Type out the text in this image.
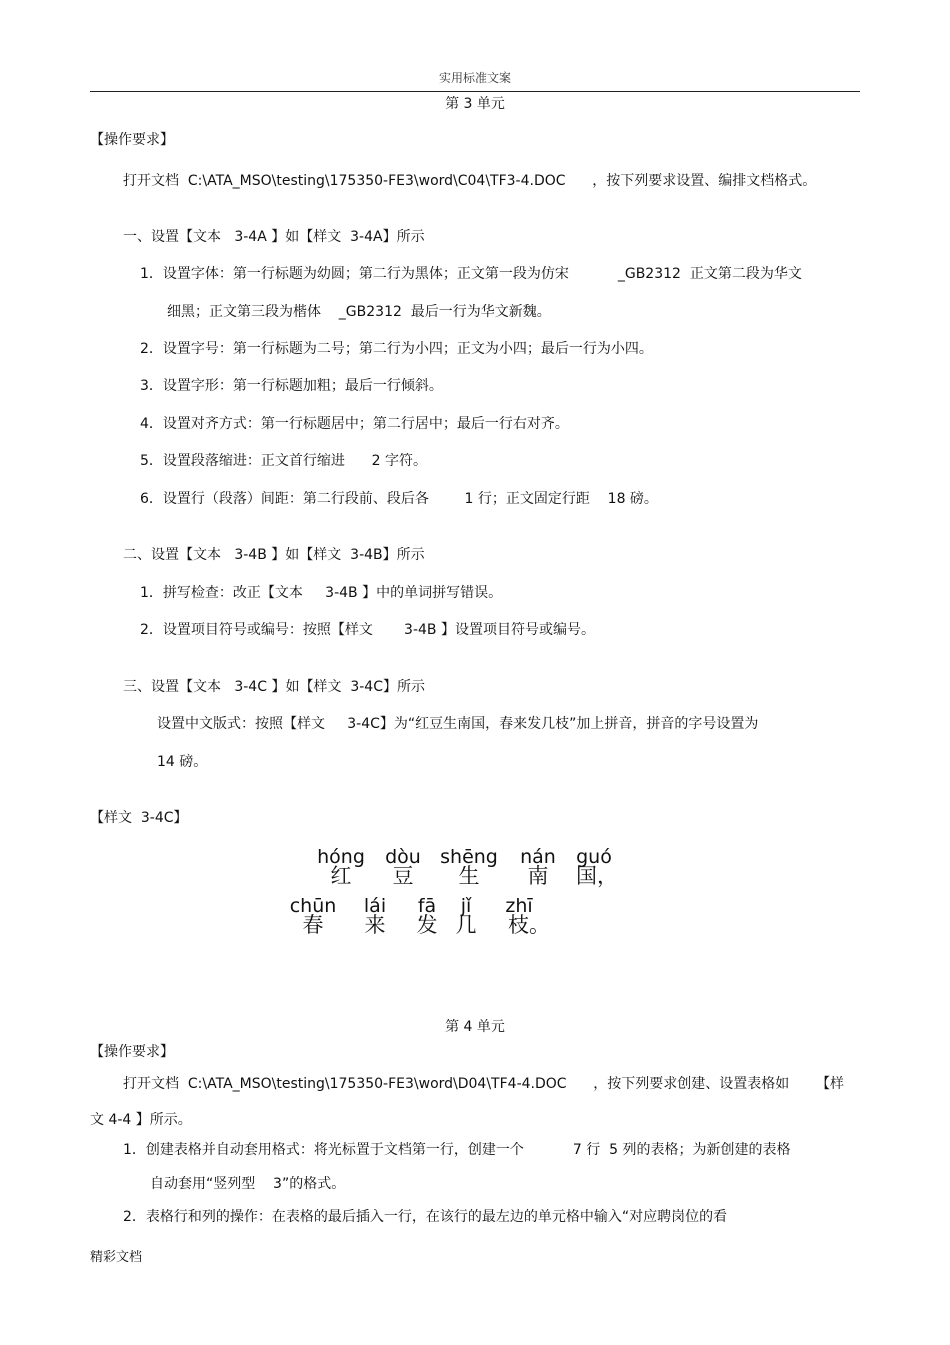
实用标准文案
第 3 单元
【操作要求】
打开文档  C:\ATA_MSO\testing\175350-FE3\word\C04\TF3-4.DOC      ，按下列要求设置、编排文档格式。
一、设置【文本   3-4A 】如【样文  3-4A】所示
1．设置字体：第一行标题为幼圆；第二行为黑体；正文第一段为仿宋           _GB2312  正文第二段为华文
细黑；正文第三段为楷体    _GB2312  最后一行为华文新魏。
2．设置字号：第一行标题为二号；第二行为小四；正文为小四；最后一行为小四。
3．设置字形：第一行标题加粗；最后一行倾斜。
4．设置对齐方式：第一行标题居中；第二行居中；最后一行右对齐。
5．设置段落缩进：正文首行缩进      2 字符。
6．设置行（段落）间距：第二行段前、段后各        1 行；正文固定行距    18 磅。
二、设置【文本   3-4B 】如【样文  3-4B】所示
1．拼写检查：改正【文本     3-4B 】中的单词拼写错误。
2．设置项目符号或编号：按照【样文       3-4B 】设置项目符号或编号。
三、设置【文本   3-4C 】如【样文  3-4C】所示
设置中文版式：按照【样文     3-4C】为“红豆生南国，春来发几枝”加上拼音，拼音的字号设置为
14 磅。
【样文  3-4C】
hóng
红
dòu
豆
shēng
生
nán
南
guó
国，
chūn
春
lái
来
fā
发
jǐ
几
zhī
枝。
第 4 单元
【操作要求】
打开文档  C:\ATA_MSO\testing\175350-FE3\word\D04\TF4-4.DOC      ，按下列要求创建、设置表格如      【样
文 4-4 】所示。
1．创建表格并自动套用格式：将光标置于文档第一行，创建一个           7 行  5 列的表格；为新创建的表格
自动套用“竖列型    3”的格式。
2．表格行和列的操作：在表格的最后插入一行，在该行的最左边的单元格中输入“对应聘岗位的看
精彩文档
